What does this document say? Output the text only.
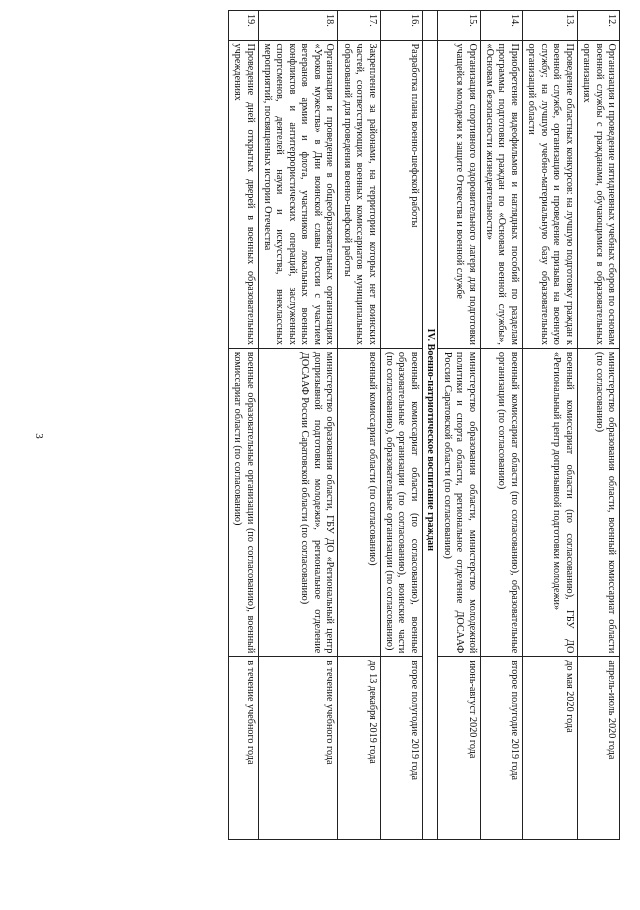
3
12.	Организация и проведение пятидневных учебных сборов по основам военной службы с гражданами, обучающимися в образовательных организациях	министерство образования области, военный комиссариат области (по согласованию)	апрель-июль 2020 года
13.	Проведение областных конкурсов: на лучшую подготовку граждан к военной службе, организацию и проведение призыва на военную службу; на лучшую учебно-материальную базу образовательных организаций области	военный комиссариат области (по согласованию), ГБУ ДО «Региональный центр допризывной подготовки молодежи»	до мая 2020 года
14.	Приобретение видеофильмов и наглядных пособий по разделам программы подготовки граждан по «Основам военной службы», «Основам безопасности жизнедеятельности»	военный комиссариат области (по согласованию), образовательные организации (по согласованию)	второе полугодие 2019 года
15.	Организация спортивного оздоровительного лагеря для подготовки учащейся молодежи к защите Отечества и военной службе	министерство образования области, министерство молодежной политики и спорта области, региональное отделение ДОСААФ России Саратовской области (по согласованию)	июнь-август 2020 года
	IV. Военно-патриотическое воспитание граждан		
16.	Разработка плана военно-шефской работы	военный комиссариат области (по согласованию), военные образовательные организации (по согласованию), воинские части (по согласованию), образовательные организации (по согласованию)	второе полугодие 2019 года
17.	Закрепление за районами, на территории которых нет воинских частей, соответствующих военных комиссариатов муниципальных образований для проведения военно-шефской работы	военный комиссариат области (по согласованию)	до 13 декабря 2019 года
18.	Организация и проведение в общеобразовательных организациях «Уроков мужества» в Дни воинской славы России с участием ветеранов армии и флота, участников локальных военных конфликтов и антитеррористических операций, заслуженных спортсменов, деятелей науки и искусства, внеклассных мероприятий, посвященных истории Отечества	министерство образования области, ГБУ ДО «Региональный центр допризывной подготовки молодежи», региональное отделение ДОСААФ России Саратовской области (по согласованию)	в течение учебного года
19.	Проведение дней открытых дверей в военных образовательных учреждениях	военные образовательные организации (по согласованию), военный комиссариат области (по согласованию)	в течение учебного года
